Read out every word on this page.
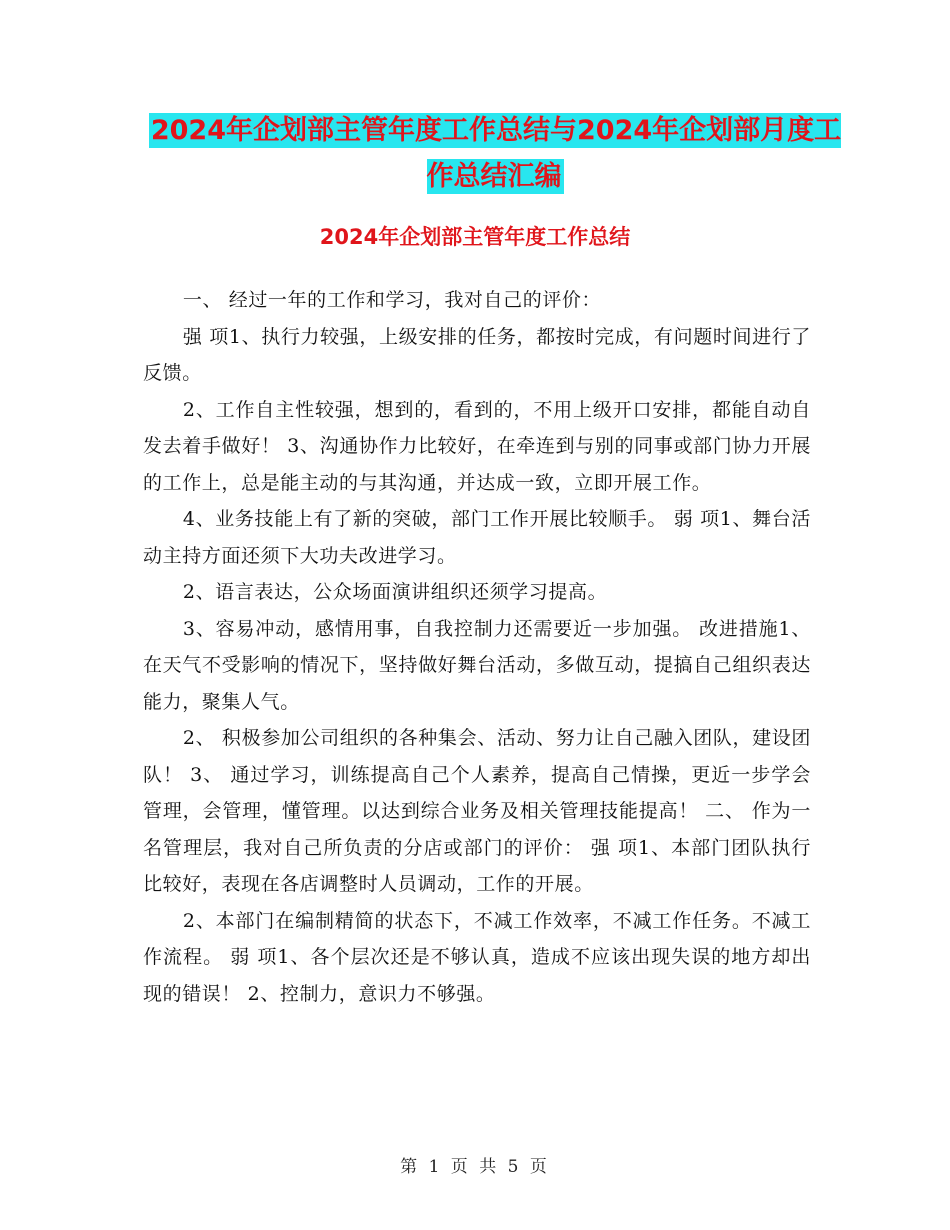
2024年企划部主管年度工作总结与2024年企划部月度工作总结汇编
2024年企划部主管年度工作总结

一、 经过一年的工作和学习，我对自己的评价：

强 项1、执行力较强，上级安排的任务，都按时完成，有问题时间进行了反馈。

2、工作自主性较强，想到的，看到的，不用上级开口安排，都能自动自发去着手做好！ 3、沟通协作力比较好，在牵连到与别的同事或部门协力开展的工作上，总是能主动的与其沟通，并达成一致，立即开展工作。

4、业务技能上有了新的突破，部门工作开展比较顺手。 弱 项1、舞台活动主持方面还须下大功夫改进学习。

2、语言表达，公众场面演讲组织还须学习提高。

3、容易冲动，感情用事，自我控制力还需要近一步加强。 改进措施1、 在天气不受影响的情况下，坚持做好舞台活动，多做互动，提搞自己组织表达能力，聚集人气。

2、 积极参加公司组织的各种集会、活动、努力让自己融入团队，建设团队！ 3、 通过学习，训练提高自己个人素养，提高自己情操，更近一步学会管理，会管理，懂管理。以达到综合业务及相关管理技能提高！ 二、 作为一名管理层，我对自己所负责的分店或部门的评价： 强 项1、本部门团队执行比较好，表现在各店调整时人员调动，工作的开展。

2、本部门在编制精简的状态下，不减工作效率，不减工作任务。不减工作流程。 弱 项1、各个层次还是不够认真，造成不应该出现失误的地方却出现的错误！ 2、控制力，意识力不够强。

第 1 页 共 5 页
